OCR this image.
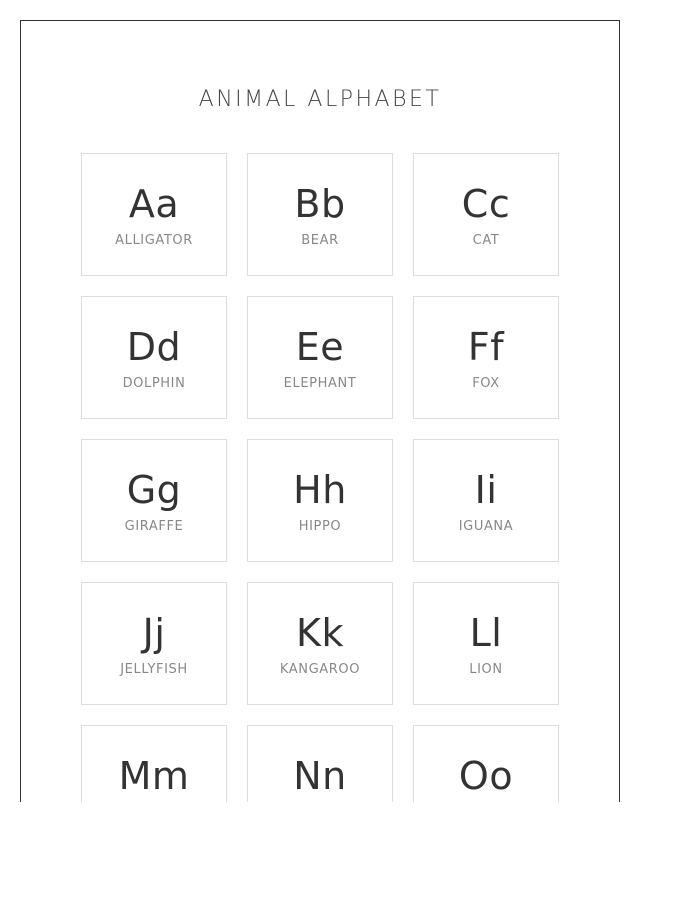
ANIMAL ALPHABET
Aa
ALLIGATOR
Bb
BEAR
Cc
CAT
Dd
DOLPHIN
Ee
ELEPHANT
Ff
FOX
Gg
GIRAFFE
Hh
HIPPO
Ii
IGUANA
Jj
JELLYFISH
Kk
KANGAROO
Ll
LION
Mm	Nn	Oo
